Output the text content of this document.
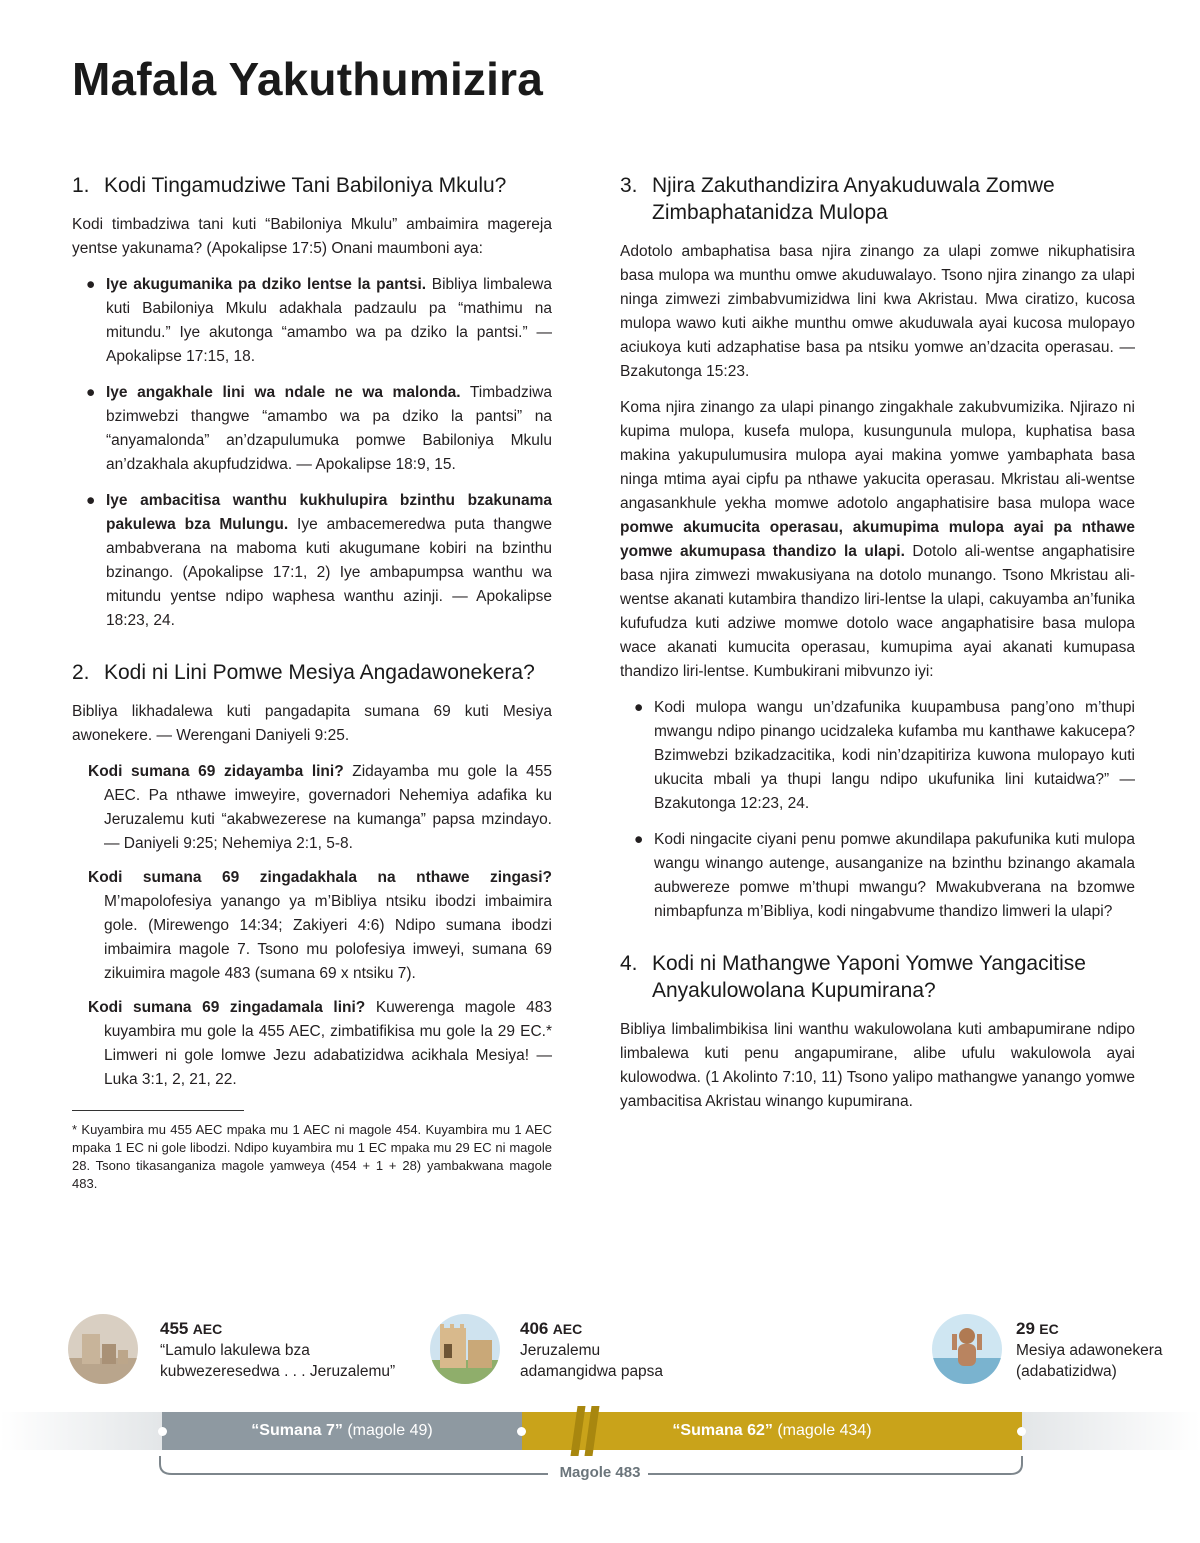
Mafala Yakuthumizira
1. Kodi Tingamudziwe Tani Babiloniya Mkulu?

Kodi timbadziwa tani kuti “Babiloniya Mkulu” ambaimira magereja yentse yakunama? (Apokalipse 17:5) Onani maumboni aya:

● Iye akugumanika pa dziko lentse la pantsi. Bibliya limbalewa kuti Babiloniya Mkulu adakhala padzaulu pa “mathimu na mitundu.” Iye akutonga “amambo wa pa dziko la pantsi.” — Apokalipse 17:15, 18.
● Iye angakhale lini wa ndale ne wa malonda. Timbadziwa bzimwebzi thangwe “amambo wa pa dziko la pantsi” na “anyamalonda” an’dzapulumuka pomwe Babiloniya Mkulu an’dzakhala akupfudzidwa. — Apokalipse 18:9, 15.
● Iye ambacitisa wanthu kukhulupira bzinthu bzakunama pakulewa bza Mulungu. Iye ambacemeredwa puta thangwe ambabverana na maboma kuti akugumane kobiri na bzinthu bzinango. (Apokalipse 17:1, 2) Iye ambapumpsa wanthu wa mitundu yentse ndipo waphesa wanthu azinji. — Apokalipse 18:23, 24.
2. Kodi ni Lini Pomwe Mesiya Angadawonekera?

Bibliya likhadalewa kuti pangadapita sumana 69 kuti Mesiya awonekere. — Werengani Daniyeli 9:25.

Kodi sumana 69 zidayamba lini? Zidayamba mu gole la 455 AEC. Pa nthawe imweyire, governadori Nehemiya adafika ku Jeruzalemu kuti “akabwezerese na kumanga” papsa mzindayo. — Daniyeli 9:25; Nehemiya 2:1, 5-8.
Kodi sumana 69 zingadakhala na nthawe zingasi? M’mapolofesiya yanango ya m’Bibliya ntsiku ibodzi imbaimira gole. (Mirewengo 14:34; Zakiyeri 4:6) Ndipo sumana ibodzi imbaimira magole 7. Tsono mu polofesiya imweyi, sumana 69 zikuimira magole 483 (sumana 69 x ntsiku 7).
Kodi sumana 69 zingadamala lini? Kuwerenga magole 483 kuyambira mu gole la 455 AEC, zimbatifikisa mu gole la 29 EC.* Limweri ni gole lomwe Jezu adabatizidwa acikhala Mesiya! — Luka 3:1, 2, 21, 22.
* Kuyambira mu 455 AEC mpaka mu 1 AEC ni magole 454. Kuyambira mu 1 AEC mpaka 1 EC ni gole libodzi. Ndipo kuyambira mu 1 EC mpaka mu 29 EC ni magole 28. Tsono tikasanganiza magole yamweya (454 + 1 + 28) yambakwana magole 483.
3. Njira Zakuthandizira Anyakuduwala Zomwe Zimbaphatanidza Mulopa

Adotolo ambaphatisa basa njira zinango za ulapi zomwe nikuphatisira basa mulopa wa munthu omwe akuduwalayo. Tsono njira zinango za ulapi ninga zimwezi zimbabvumizidwa lini kwa Akristau. Mwa ciratizo, kucosa mulopa wawo kuti aikhe munthu omwe akuduwala ayai kucosa mulopayo aciukoya kuti adzaphatise basa pa ntsiku yomwe an’dzacita operasau. — Bzakutonga 15:23.

Koma njira zinango za ulapi pinango zingakhale zakubvumizika. Njirazo ni kupima mulopa, kusefa mulopa, kusungunula mulopa, kuphatisa basa makina yakupulumusira mulopa ayai makina yomwe yambaphata basa ninga mtima ayai cipfu pa nthawe yakucita operasau. Mkristau ali-wentse angasankhule yekha momwe adotolo angaphatisire basa mulopa wace pomwe akumucita operasau, akumupima mulopa ayai pa nthawe yomwe akumupasa thandizo la ulapi. Dotolo ali-wentse angaphatisire basa njira zimwezi mwakusiyana na dotolo munango. Tsono Mkristau ali-wentse akanati kutambira thandizo liri-lentse la ulapi, cakuyamba an’funika kufufudza kuti adziwe momwe dotolo wace angaphatisire basa mulopa wace akanati kumucita operasau, kumupima ayai akanati kumupasa thandizo liri-lentse. Kumbukirani mibvunzo iyi:

● Kodi mulopa wangu un’dzafunika kuupambusa pang’ono m’thupi mwangu ndipo pinango ucidzaleka kufamba mu kanthawe kakucepa? Bzimwebzi bzikadzacitika, kodi nin’dzapitiriza kuwona mulopayo kuti ukucita mbali ya thupi langu ndipo ukufunika lini kutaidwa?” — Bzakutonga 12:23, 24.
● Kodi ningacite ciyani penu pomwe akundilapa pakufunika kuti mulopa wangu winango autenge, ausanganize na bzinthu bzinango akamala aubwereze pomwe m’thupi mwangu? Mwakubverana na bzomwe nimbapfunza m’Bibliya, kodi ningabvume thandizo limweri la ulapi?
4. Kodi ni Mathangwe Yaponi Yomwe Yangacitise Anyakulowolana Kupumirana?

Bibliya limbalimbikisa lini wanthu wakulowolana kuti ambapumirane ndipo limbalewa kuti penu angapumirane, alibe ufulu wakulowola ayai kulowodwa. (1 Akolinto 7:10, 11) Tsono yalipo mathangwe yanango yomwe yambacitisa Akristau winango kupumirana.

455 AEC
“Lamulo lakulewa bza
kubwezeresedwa . . . Jeruzalemu”
406 AEC
Jeruzalemu
adamangidwa papsa
29 EC
Mesiya adawonekera
(adabatizidwa)
“Sumana 7” (magole 49)	“Sumana 62” (magole 434)
Magole 483
